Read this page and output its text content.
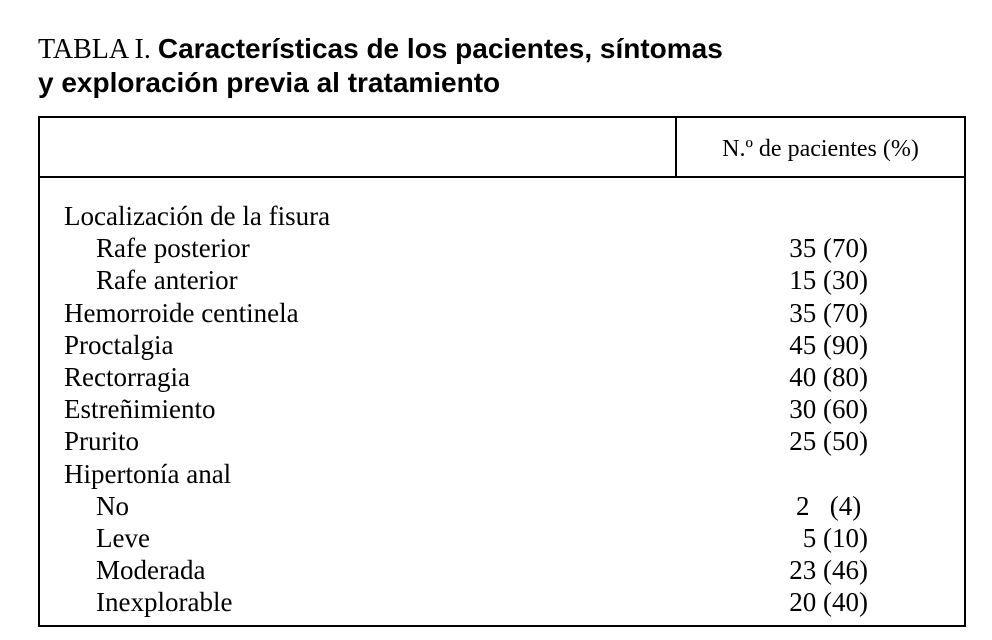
TABLA I. Características de los pacientes, síntomas
y exploración previa al tratamiento
N.º de pacientes (%)
Localización de la fisura
Rafe posterior	35 (70)
Rafe anterior	15 (30)
Hemorroide centinela	35 (70)
Proctalgia	45 (90)
Rectorragia	40 (80)
Estreñimiento	30 (60)
Prurito	25 (50)
Hipertonía anal
No	2   (4)
Leve	5 (10)
Moderada	23 (46)
Inexplorable	20 (40)
